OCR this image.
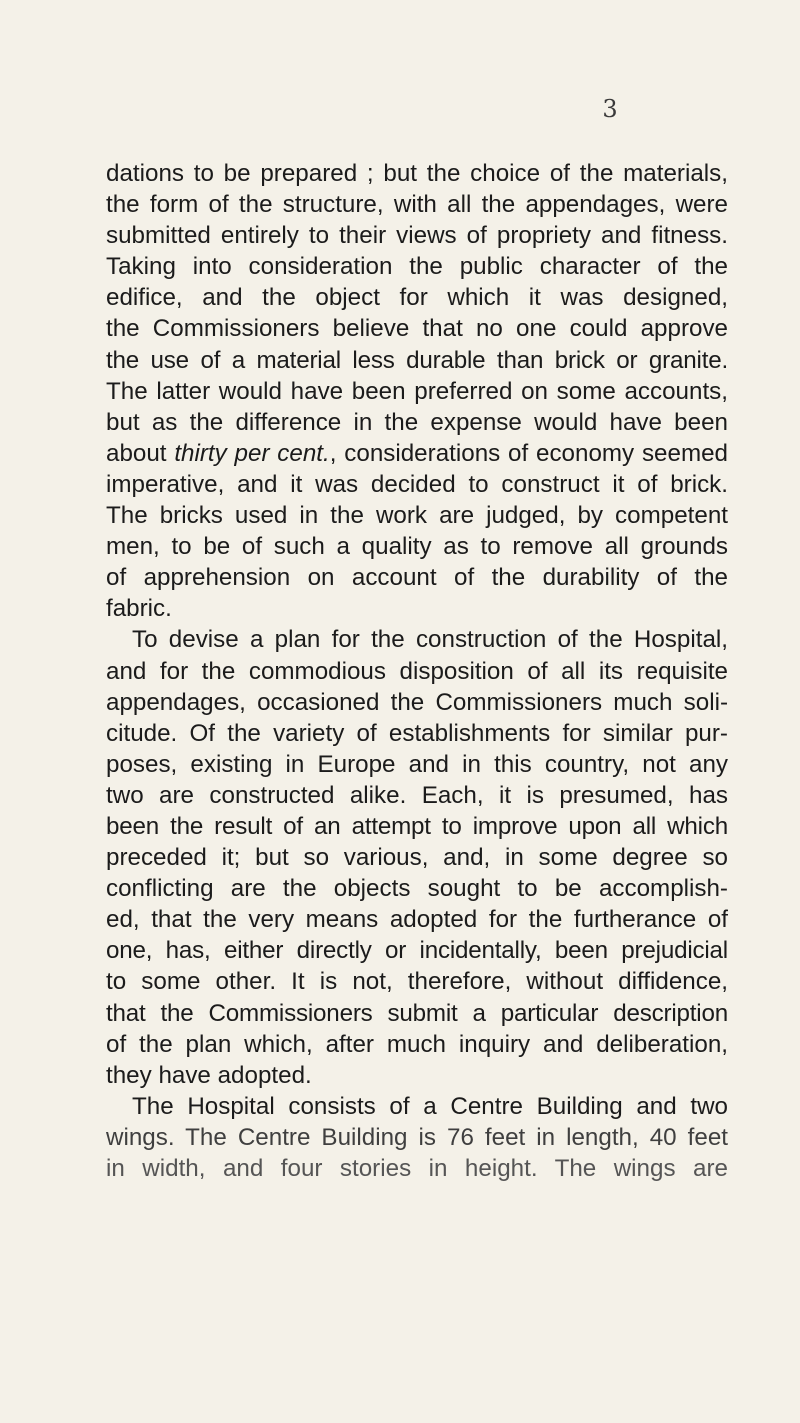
3
dations to be prepared ; but the choice of the materials,
the form of the structure, with all the appendages, were
submitted entirely to their views of propriety and fitness.
Taking into consideration the public character of the
edifice, and the object for which it was designed,
the Commissioners believe that no one could approve
the use of a material less durable than brick or granite.
The latter would have been preferred on some accounts,
but as the difference in the expense would have been
about thirty per cent., considerations of economy seemed
imperative, and it was decided to construct it of brick.
The bricks used in the work are judged, by competent
men, to be of such a quality as to remove all grounds
of apprehension on account of the durability of the
fabric.
To devise a plan for the construction of the Hospital,
and for the commodious disposition of all its requisite
appendages, occasioned the Commissioners much soli-
citude. Of the variety of establishments for similar pur-
poses, existing in Europe and in this country, not any
two are constructed alike. Each, it is presumed, has
been the result of an attempt to improve upon all which
preceded it; but so various, and, in some degree so
conflicting are the objects sought to be accomplish-
ed, that the very means adopted for the furtherance of
one, has, either directly or incidentally, been prejudicial
to some other. It is not, therefore, without diffidence,
that the Commissioners submit a particular description
of the plan which, after much inquiry and deliberation,
they have adopted.
The Hospital consists of a Centre Building and two
wings. The Centre Building is 76 feet in length, 40 feet
in width, and four stories in height. The wings are
